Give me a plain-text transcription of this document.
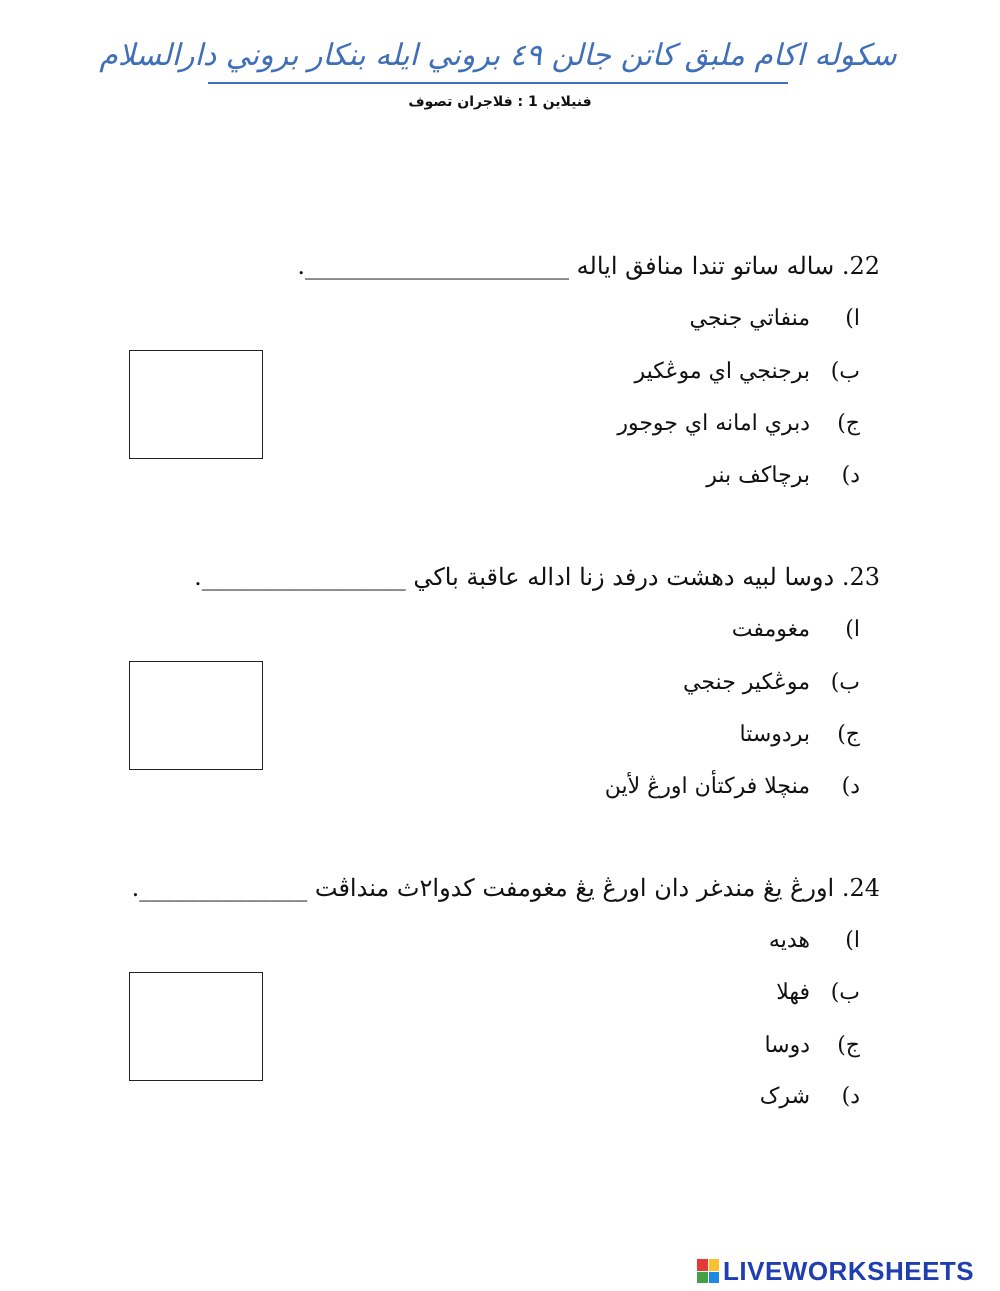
سکوله اکام ملبق کاتن جالن ٤٩ بروني ايله بنکار بروني دارالسلام
فنيلاين 1 : فلاجران تصوف
22. ساله ساتو تندا منافق اياله ______________________.
ا)
منفاتي جنجي
ب)
برجنجي اي موڠکير
ج)
دبري امانه اي جوجور
د)
برچاکف بنر
23. دوسا لبيه دهشت درفد زنا اداله عاقبة باکي _________________.
ا)
مغومفت
ب)
موڠکير جنجي
ج)
بردوستا
د)
منچلا فرکتأن اورڠ لأين
24. اورڠ يڠ مندغر دان اورڠ يڠ مغومفت کدوا٢ث منداڤت ______________.
ا)
هديه
ب)
فهلا
ج)
دوسا
د)
شرک
LIVEWORKSHEETS
